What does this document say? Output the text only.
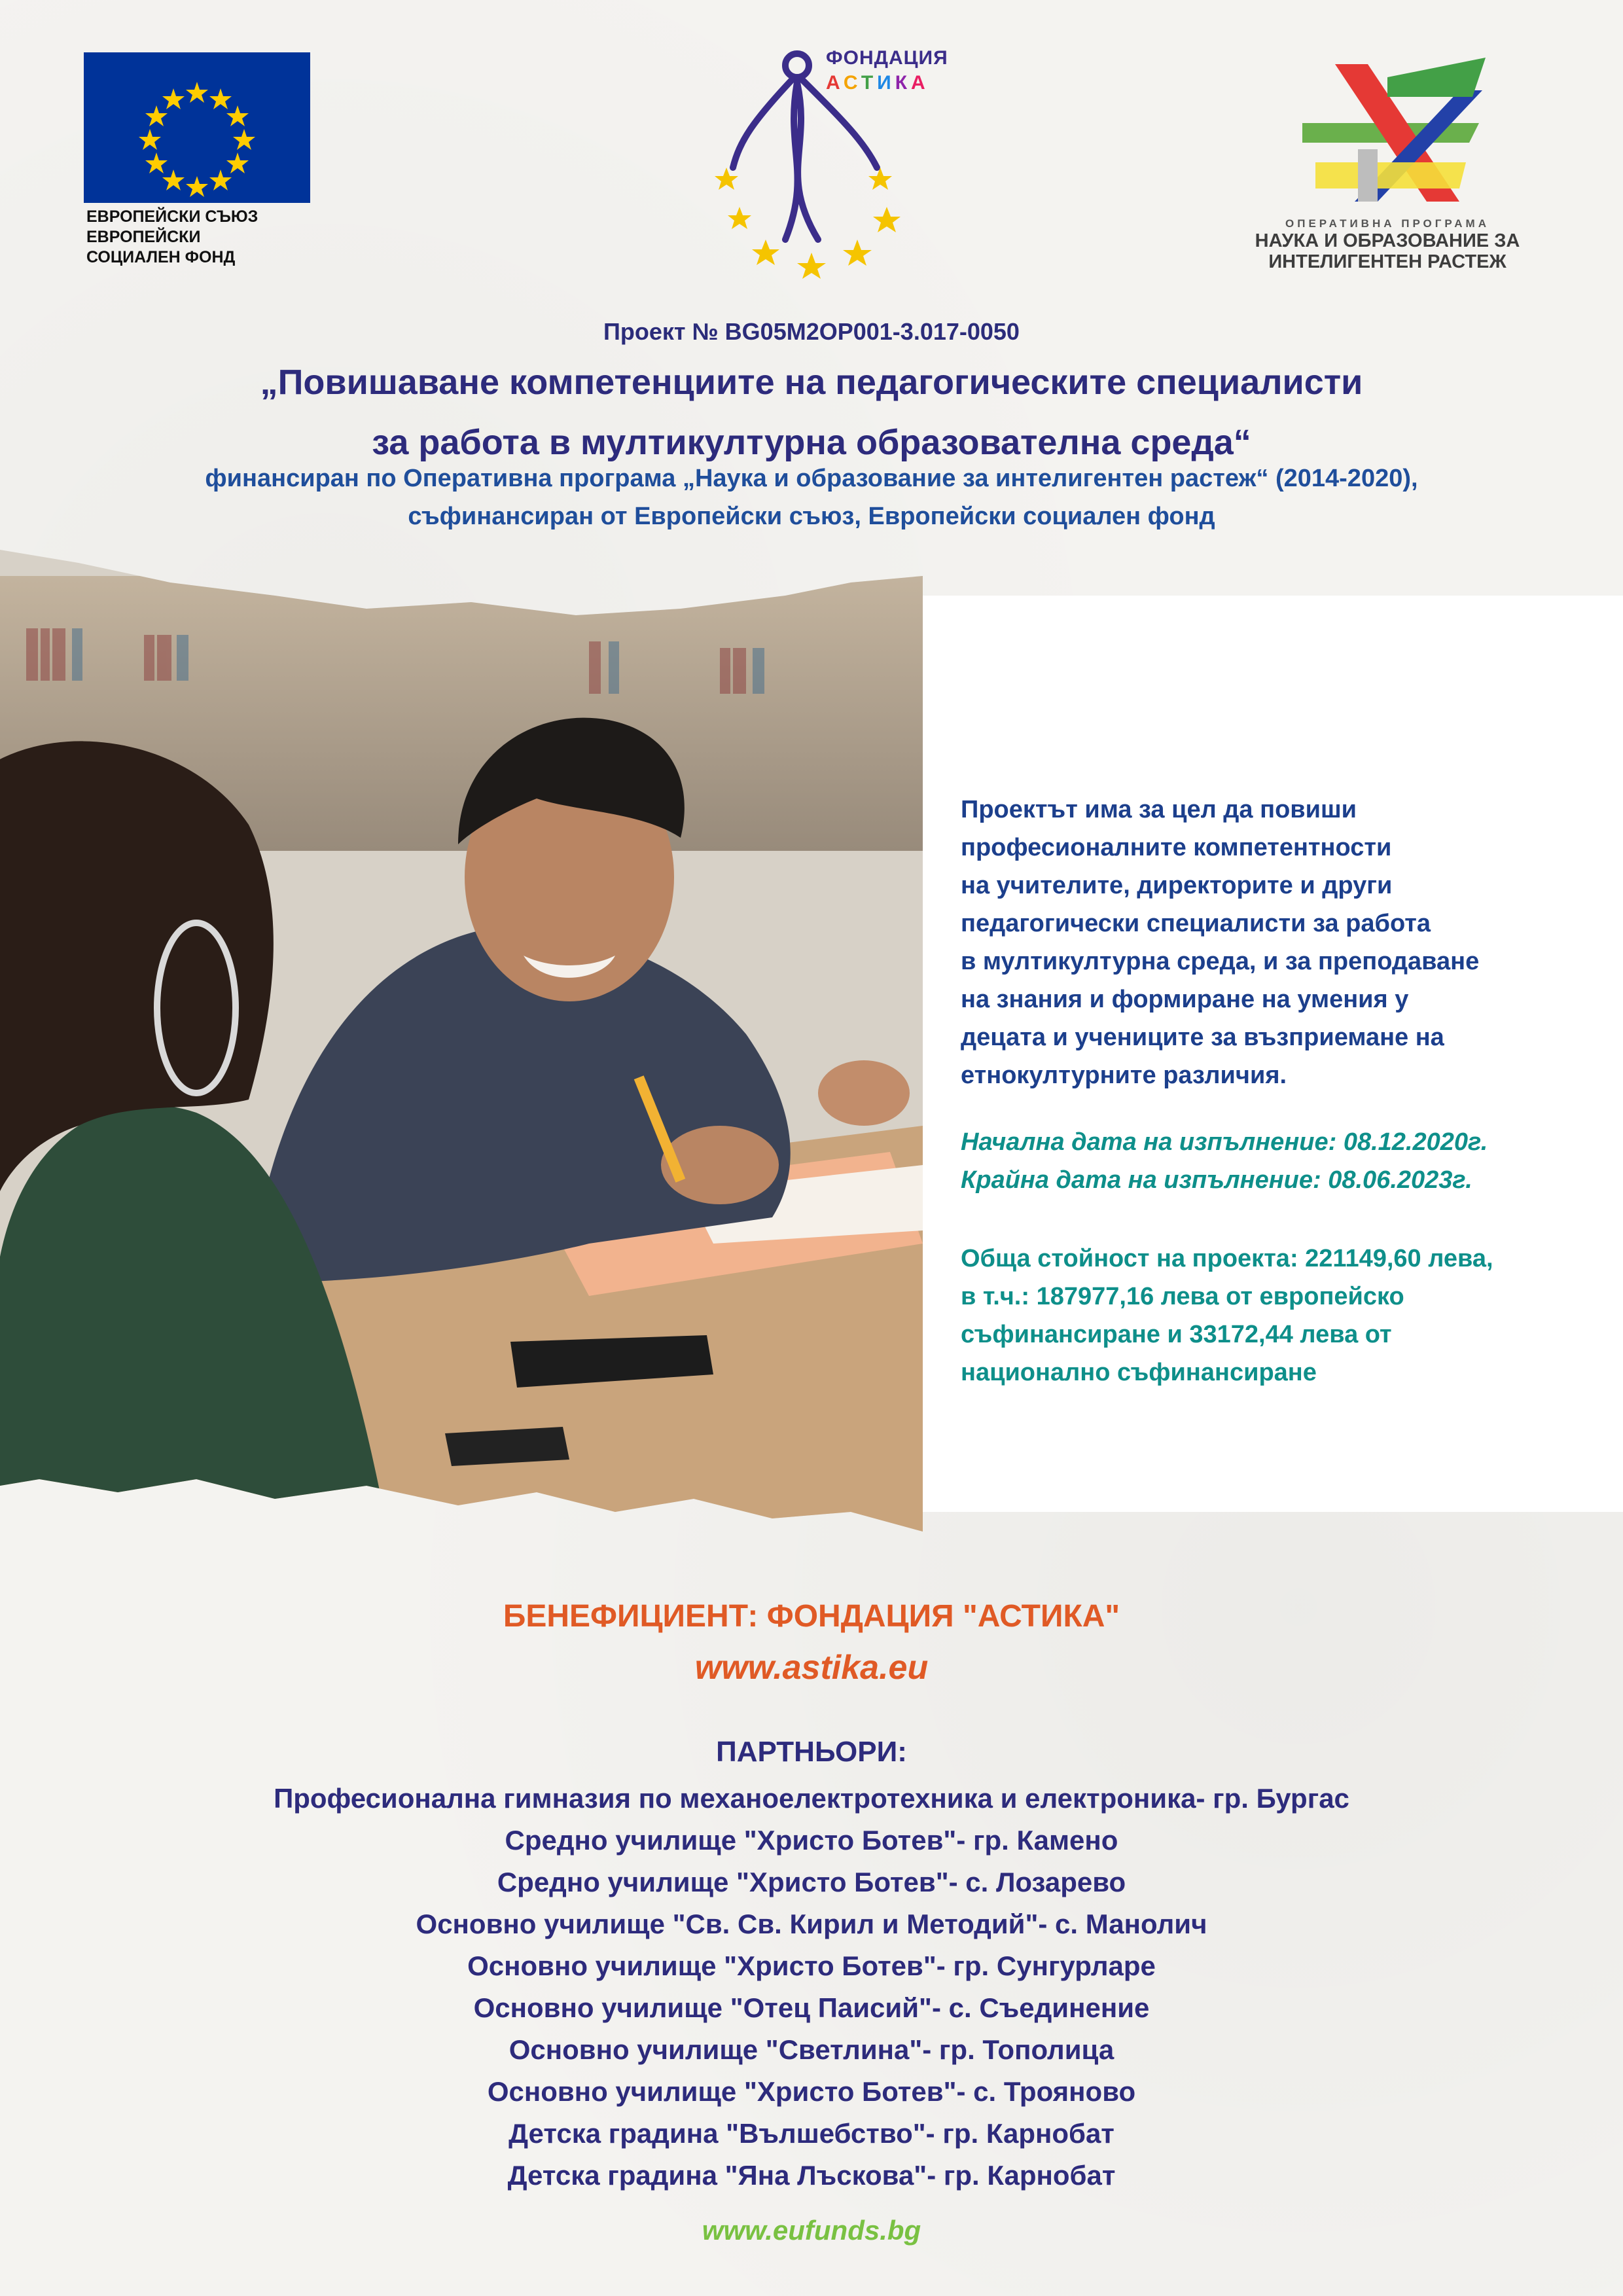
ЕВРОПЕЙСКИ СЪЮЗ
ЕВРОПЕЙСКИ
СОЦИАЛЕН ФОНД
ФОНДАЦИЯ
АСТИКА
ОПЕРАТИВНА ПРОГРАМА
НАУКА И ОБРАЗОВАНИЕ ЗА
ИНТЕЛИГЕНТЕН РАСТЕЖ
Проект № BG05M2OP001-3.017-0050
„Повишаване компетенциите на педагогическите специалисти
за работа в мултикултурна образователна среда“
финансиран по Оперативна програма „Наука и образование за интелигентен растеж“ (2014-2020),
съфинансиран от Европейски съюз, Европейски социален фонд
Проектът има за цел да повиши
професионалните компетентности
на учителите, директорите и други
педагогически специалисти за работа
в мултикултурна среда, и за преподаване
на знания и формиране на умения у
децата и учениците за възприемане на
етнокултурните различия.
Начална дата на изпълнение: 08.12.2020г.
Крайна дата на изпълнение: 08.06.2023г.
Обща стойност на проекта: 221149,60 лева,
в т.ч.: 187977,16 лева от европейско
съфинансиране и 33172,44 лева от
национално съфинансиране
БЕНЕФИЦИЕНТ: ФОНДАЦИЯ "АСТИКА"
www.astika.eu
ПАРТНЬОРИ:
Професионална гимназия по механоелектротехника и електроника- гр. Бургас
Средно училище "Христо Ботев"- гр. Камено
Средно училище "Христо Ботев"- с. Лозарево
Основно училище "Св. Св. Кирил и Методий"- с. Манолич
Основно училище "Христо Ботев"- гр. Сунгурларе
Основно училище "Отец Паисий"- с. Съединение
Основно училище "Светлина"- гр. Тополица
Основно училище "Христо Ботев"- с. Трояново
Детска градина "Вълшебство"- гр. Карнобат
Детска градина "Яна Лъскова"- гр. Карнобат
www.eufunds.bg
